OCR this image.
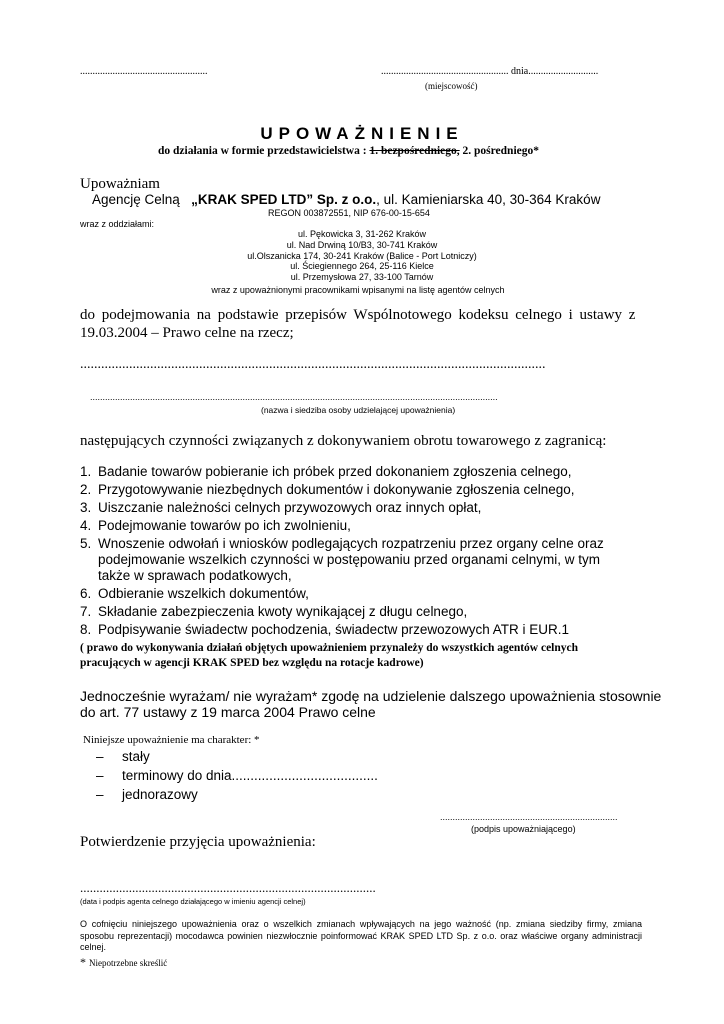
...................................................	................................................... dnia............................
(miejscowość)
UPOWAŻNIENIE
do działania w formie przedstawicielstwa : 1. bezpośredniego, 2. pośredniego*
Upoważniam
Agencję Celną „KRAK SPED LTD” Sp. z o.o., ul. Kamieniarska 40, 30-364 Kraków
REGON 003872551, NIP 676-00-15-654
wraz z oddziałami:
ul. Pękowicka 3, 31-262 Kraków
ul. Nad Drwiną 10/B3, 30-741 Kraków
ul.Olszanicka 174, 30-241 Kraków (Balice - Port Lotniczy)
ul. Ściegiennego 264, 25-116 Kielce
ul. Przemysłowa 27, 33-100 Tarnów
wraz z upoważnionymi pracownikami wpisanymi na listę agentów celnych
do podejmowania na podstawie przepisów Wspólnotowego kodeksu celnego i ustawy z
19.03.2004 – Prawo celne na rzecz;
.....................................................................................................................................
...................................................................................................................................................................
(nazwa i siedziba osoby udzielającej upoważnienia)
następujących czynności związanych z dokonywaniem obrotu towarowego z zagranicą:
1. Badanie towarów pobieranie ich próbek przed dokonaniem zgłoszenia celnego,
2. Przygotowywanie niezbędnych dokumentów i dokonywanie zgłoszenia celnego,
3. Uiszczanie należności celnych przywozowych oraz innych opłat,
4. Podejmowanie towarów po ich zwolnieniu,
5. Wnoszenie odwołań i wniosków podlegających rozpatrzeniu przez organy celne oraz podejmowanie wszelkich czynności w postępowaniu przed organami celnymi, w tym także w sprawach podatkowych,
6. Odbieranie wszelkich dokumentów,
7. Składanie zabezpieczenia kwoty wynikającej z długu celnego,
8. Podpisywanie świadectw pochodzenia, świadectw przewozowych ATR i EUR.1
( prawo do wykonywania działań objętych upoważnieniem przynależy do wszystkich agentów celnych
pracujących w agencji KRAK SPED bez względu na rotacje kadrowe)
Jednocześnie wyrażam/ nie wyrażam* zgodę na udzielenie dalszego upoważnienia stosownie
do art. 77 ustawy z 19 marca 2004 Prawo celne
Niniejsze upoważnienie ma charakter: *
– stały
– terminowy do dnia.......................................
– jednorazowy
.......................................................................
(podpis upoważniającego)
Potwierdzenie przyjęcia upoważnienia:
...........................................................................................
(data i podpis agenta celnego działającego w imieniu agencji celnej)
O cofnięciu niniejszego upoważnienia oraz o wszelkich zmianach wpływających na jego ważność (np. zmiana siedziby firmy, zmiana sposobu reprezentacji) mocodawca powinien niezwłocznie poinformować KRAK SPED LTD Sp. z o.o. oraz właściwe organy administracji celnej.
* Niepotrzebne skreślić
